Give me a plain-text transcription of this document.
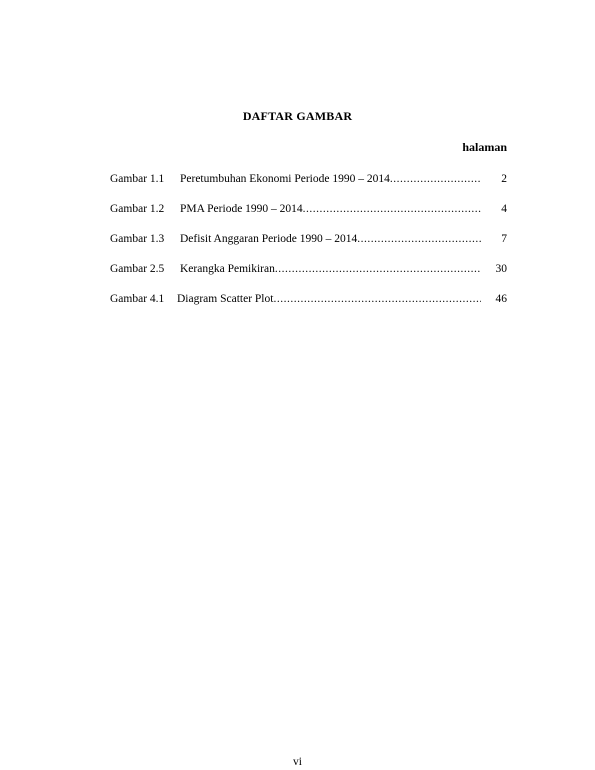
DAFTAR GAMBAR
halaman
Gambar 1.1	Peretumbuhan Ekonomi Periode 1990 – 2014 .....	2
Gambar 1.2	PMA Periode 1990 – 2014 .....	4
Gambar 1.3	Defisit Anggaran Periode 1990 – 2014 .....	7
Gambar 2.5	Kerangka Pemikiran .....	30
Gambar 4.1	Diagram Scatter Plot .....	46
vi
